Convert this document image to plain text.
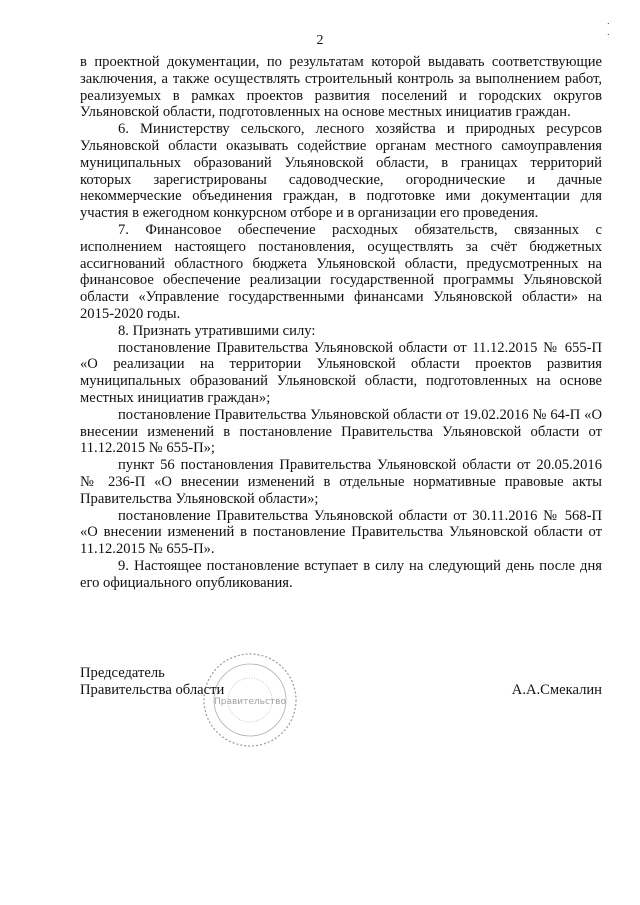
2
˙
˙

в проектной документации, по результатам которой выдавать соответствующие заключения, а также осуществлять строительный контроль за выполнением работ, реализуемых в рамках проектов развития поселений и городских округов Ульяновской области, подготовленных на основе местных инициатив граждан.

6. Министерству сельского, лесного хозяйства и природных ресурсов Ульяновской области оказывать содействие органам местного самоуправления муниципальных образований Ульяновской области, в границах территорий которых зарегистрированы садоводческие, огороднические и дачные некоммерческие объединения граждан, в подготовке ими документации для участия в ежегодном конкурсном отборе и в организации его проведения.

7. Финансовое обеспечение расходных обязательств, связанных с исполнением настоящего постановления, осуществлять за счёт бюджетных ассигнований областного бюджета Ульяновской области, предусмотренных на финансовое обеспечение реализации государственной программы Ульяновской области «Управление государственными финансами Ульяновской области» на 2015-2020 годы.

8. Признать утратившими силу:

постановление Правительства Ульяновской области от 11.12.2015 № 655-П «О реализации на территории Ульяновской области проектов развития муниципальных образований Ульяновской области, подготовленных на основе местных инициатив граждан»;

постановление Правительства Ульяновской области от 19.02.2016 № 64-П «О внесении изменений в постановление Правительства Ульяновской области от 11.12.2015 № 655-П»;

пункт 56 постановления Правительства Ульяновской области от 20.05.2016 № 236-П «О внесении изменений в отдельные нормативные правовые акты Правительства Ульяновской области»;

постановление Правительства Ульяновской области от 30.11.2016 № 568-П «О внесении изменений в постановление Правительства Ульяновской области от 11.12.2015 № 655-П».

9. Настоящее постановление вступает в силу на следующий день после дня его официального опубликования.

Правительство
Председатель
Правительства области	А.А.Смекалин
